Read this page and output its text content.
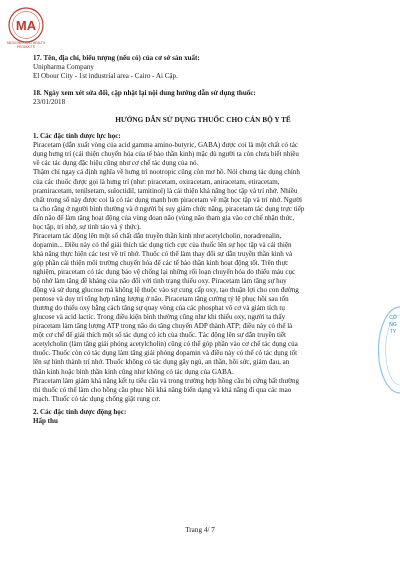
MA
MEDICINES AND HEALTH PRODUCTS

17. Tên, địa chỉ, biểu tượng (nếu có) của cơ sở sản xuất:

Unipharma Company

El Obour City - 1st industrial area - Cairo - Ai Cập.

18. Ngày xem xét sửa đổi, cập nhật lại nội dung hướng dẫn sử dụng thuốc:

23/01/2018

HƯỚNG DẪN SỬ DỤNG THUỐC CHO CÁN BỘ Y TẾ

1. Các đặc tính dược lực học:

Piracetam (dẫn xuất vòng của acid gamma amino-butyric, GABA) được coi là một chất có tác

dụng hưng trí (cải thiện chuyển hóa của tế bào thần kinh) mặc dù người ta còn chưa biết nhiều

về các tác dụng đặc hiệu cũng như cơ chế tác dụng của nó.

Thậm chí ngay cả định nghĩa về hưng trí nootropic cũng còn mơ hồ. Nói chung tác dụng chính

của các thuốc được gọi là hưng trí (như: piracetam, oxiracetam, aniracetam, etiracetam,

pramiracetam, tenilsetam, suloctidil, tamitinol) là cải thiện khả năng học tập và trí nhớ. Nhiều

chất trong số này được coi là có tác dụng mạnh hơn piracetam về mặt học tập và trí nhớ. Người

ta cho rằng ở người bình thường và ở người bị suy giảm chức năng, piracetam tác dụng trực tiếp

đến não để làm tăng hoạt động của vùng đoan não (vùng não tham gia vào cơ chế nhận thức,

học tập, trí nhớ, sự tỉnh táo và ý thức).

Piracetam tác động lên một số chất dẫn truyền thần kinh như acetylcholin, noradrenalin,

dopamin... Điều này có thể giải thích tác dụng tích cực của thuốc lên sự học tập và cải thiện

khả năng thực hiện các test về trí nhớ. Thuốc có thể làm thay đổi sự dẫn truyền thần kinh và

góp phần cải thiện môi trường chuyển hóa để các tế bào thần kinh hoạt động tốt. Trên thực

nghiệm, piracetam có tác dụng bảo vệ chống lại những rối loạn chuyển hóa do thiếu máu cục

bộ nhờ làm tăng đề kháng của não đối với tình trạng thiếu oxy. Piracetam làm tăng sự huy

động và sử dụng glucose mà không lệ thuộc vào sự cung cấp oxy, tạo thuận lợi cho con đường

pentose và duy trì tổng hợp năng lượng ở não. Piracetam tăng cường tỷ lệ phục hồi sau tổn

thương do thiếu oxy bằng cách tăng sự quay vòng của các phosphat vô cơ và giảm tích tụ

glucose và acid lactic. Trong điều kiện bình thường cũng như khi thiếu oxy, người ta thấy

piracetam làm tăng lượng ATP trong não do tăng chuyển ADP thành ATP; điều này có thể là

một cơ chế để giải thích một số tác dụng có ích của thuốc. Tác động lên sự dẫn truyền tiết

acetylcholin (làm tăng giải phóng acetylcholin) cũng có thể góp phần vào cơ chế tác dụng của

thuốc. Thuốc còn có tác dụng làm tăng giải phóng dopamin và điều này có thể có tác dụng tốt

lên sự hình thành trí nhớ. Thuốc không có tác dụng gây ngủ, an thần, hồi sức, giảm đau, an

thần kinh hoặc bình thần kinh cũng như không có tác dụng của GABA.

Piracetam làm giảm khả năng kết tụ tiểu cầu và trong trường hợp hồng cầu bị cứng bất thường

thì thuốc có thể làm cho hồng cầu phục hồi khả năng biến dạng và khả năng đi qua các mao

mạch. Thuốc có tác dụng chống giật rung cơ.

2. Các đặc tính dược động học:

Hấp thu

CÔNG TY
Trang 4/ 7
